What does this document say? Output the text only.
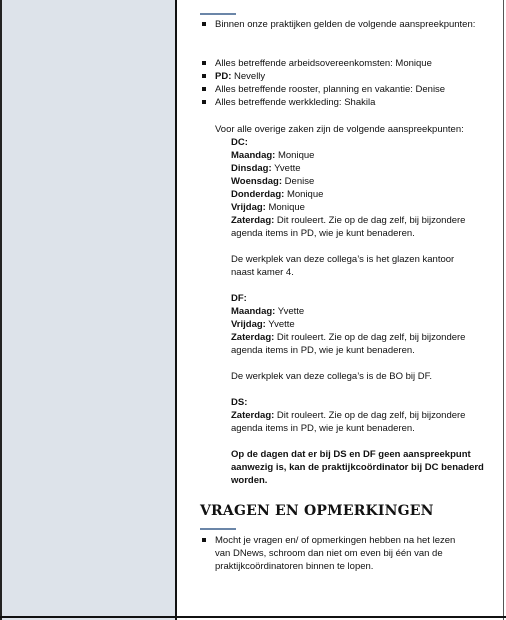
Binnen onze praktijken gelden de volgende aanspreekpunten:
Alles betreffende arbeidsovereenkomsten: Monique
PD: Nevelly
Alles betreffende rooster, planning en vakantie: Denise
Alles betreffende werkkleding: Shakila
Voor alle overige zaken zijn de volgende aanspreekpunten:
DC:
Maandag: Monique
Dinsdag: Yvette
Woensdag: Denise
Donderdag: Monique
Vrijdag: Monique
Zaterdag: Dit rouleert. Zie op de dag zelf, bij bijzondere
agenda items in PD, wie je kunt benaderen.
De werkplek van deze collega’s is het glazen kantoor
naast kamer 4.
DF:
Maandag: Yvette
Vrijdag: Yvette
Zaterdag: Dit rouleert. Zie op de dag zelf, bij bijzondere
agenda items in PD, wie je kunt benaderen.
De werkplek van deze collega’s is de BO bij DF.
DS:
Zaterdag: Dit rouleert. Zie op de dag zelf, bij bijzondere
agenda items in PD, wie je kunt benaderen.
Op de dagen dat er bij DS en DF geen aanspreekpunt
aanwezig is, kan de praktijkcoördinator bij DC benaderd
worden.
VRAGEN EN OPMERKINGEN
Mocht je vragen en/ of opmerkingen hebben na het lezen
van DNews, schroom dan niet om even bij één van de
praktijkcoördinatoren binnen te lopen.
